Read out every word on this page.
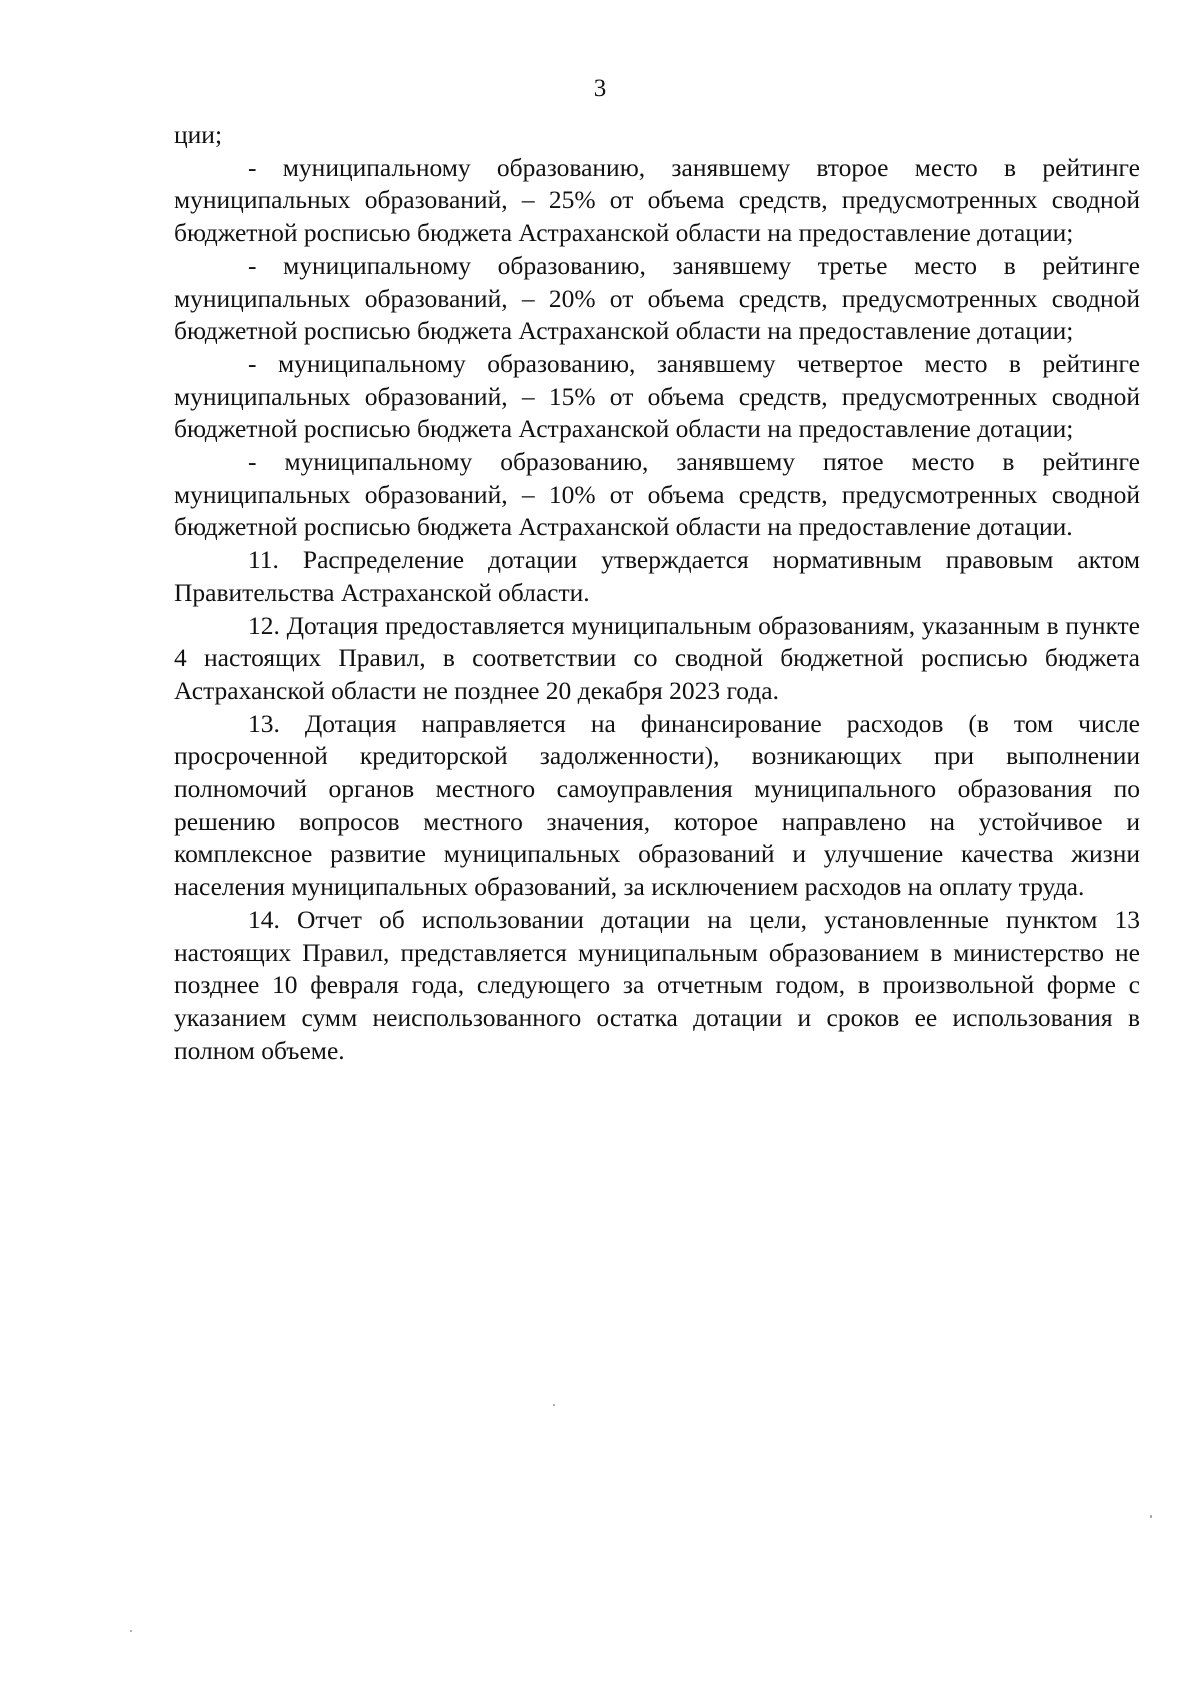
3

ции;

- муниципальному образованию, занявшему второе место в рейтинге муниципальных образований, – 25% от объема средств, предусмотренных сводной бюджетной росписью бюджета Астраханской области на предоставление дотации;

- муниципальному образованию, занявшему третье место в рейтинге муниципальных образований, – 20% от объема средств, предусмотренных сводной бюджетной росписью бюджета Астраханской области на предоставление дотации;

- муниципальному образованию, занявшему четвертое место в рейтинге муниципальных образований, – 15% от объема средств, предусмотренных сводной бюджетной росписью бюджета Астраханской области на предоставление дотации;

- муниципальному образованию, занявшему пятое место в рейтинге муниципальных образований, – 10% от объема средств, предусмотренных сводной бюджетной росписью бюджета Астраханской области на предоставление дотации.

11. Распределение дотации утверждается нормативным правовым актом Правительства Астраханской области.

12. Дотация предоставляется муниципальным образованиям, указанным в пункте 4 настоящих Правил, в соответствии со сводной бюджетной росписью бюджета Астраханской области не позднее 20 декабря 2023 года.

13. Дотация направляется на финансирование расходов (в том числе просроченной кредиторской задолженности), возникающих при выполнении полномочий органов местного самоуправления муниципального образования по решению вопросов местного значения, которое направлено на устойчивое и комплексное развитие муниципальных образований и улучшение качества жизни населения муниципальных образований, за исключением расходов на оплату труда.

14. Отчет об использовании дотации на цели, установленные пунктом 13 настоящих Правил, представляется муниципальным образованием в министерство не позднее 10 февраля года, следующего за отчетным годом, в произвольной форме с указанием сумм неиспользованного остатка дотации и сроков ее использования в полном объеме.
